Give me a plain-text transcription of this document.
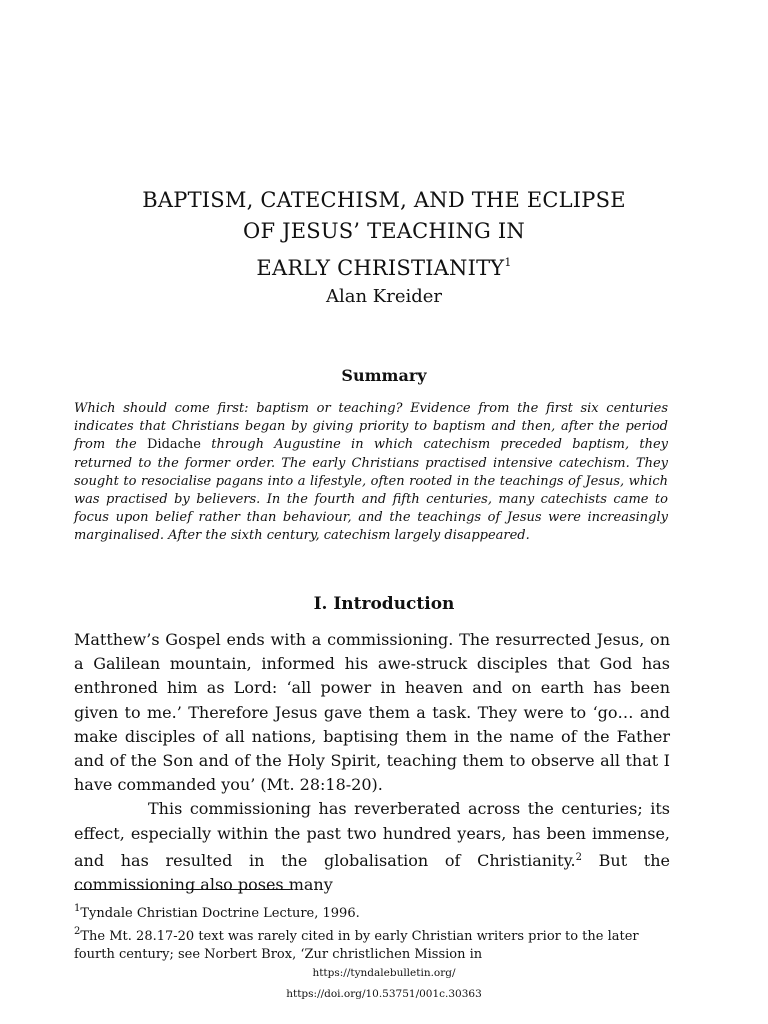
BAPTISM, CATECHISM, AND THE ECLIPSE
OF JESUS’ TEACHING IN
EARLY CHRISTIANITY$^1$
Alan Kreider
Summary

Which should come first: baptism or teaching? Evidence from the first six centuries indicates that Christians began by giving priority to baptism and then, after the period from the Didache through Augustine in which catechism preceded baptism, they returned to the former order. The early Christians practised intensive catechism. They sought to resocialise pagans into a lifestyle, often rooted in the teachings of Jesus, which was practised by believers. In the fourth and fifth centuries, many catechists came to focus upon belief rather than behaviour, and the teachings of Jesus were increasingly marginalised. After the sixth century, catechism largely disappeared.

I. Introduction

Matthew’s Gospel ends with a commissioning. The resurrected Jesus, on a Galilean mountain, informed his awe-struck disciples that God has enthroned him as Lord: ‘all power in heaven and on earth has been given to me.’ Therefore Jesus gave them a task. They were to ‘go… and make disciples of all nations, baptising them in the name of the Father and of the Son and of the Holy Spirit, teaching them to observe all that I have commanded you’ (Mt. 28:18-20).

This commissioning has reverberated across the centuries; its effect, especially within the past two hundred years, has been immense, and has resulted in the globalisation of Christianity.$^2$ But the commissioning also poses many

$^1$Tyndale Christian Doctrine Lecture, 1996.

$^2$The Mt. 28.17-20 text was rarely cited in by early Christian writers prior to the later fourth century; see Norbert Brox, ‘Zur christlichen Mission in

https://tyndalebulletin.org/
https://doi.org/10.53751/001c.30363
